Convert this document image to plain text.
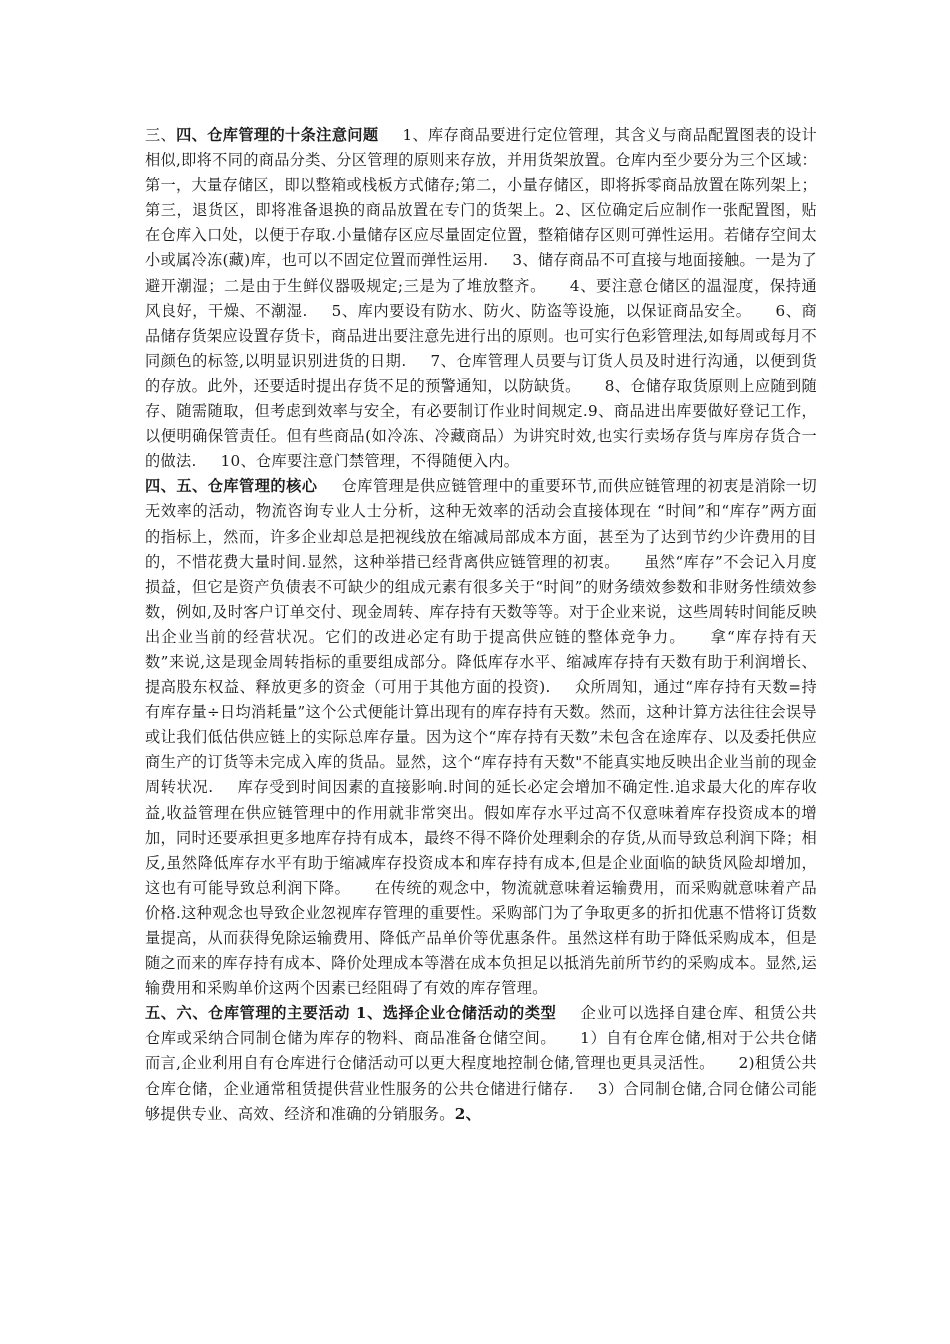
三、四、仓库管理的十条注意问题 1、库存商品要进行定位管理，其含义与商品配置图表的设计相似,即将不同的商品分类、分区管理的原则来存放，并用货架放置。仓库内至少要分为三个区域：第一，大量存储区，即以整箱或栈板方式储存;第二，小量存储区，即将拆零商品放置在陈列架上；第三，退货区，即将准备退换的商品放置在专门的货架上。2、区位确定后应制作一张配置图，贴在仓库入口处，以便于存取.小量储存区应尽量固定位置，整箱储存区则可弹性运用。若储存空间太小或属冷冻(藏)库，也可以不固定位置而弹性运用. 3、储存商品不可直接与地面接触。一是为了避开潮湿；二是由于生鲜仪器吸规定;三是为了堆放整齐。 4、要注意仓储区的温湿度，保持通风良好，干燥、不潮湿. 5、库内要设有防水、防火、防盗等设施，以保证商品安全。 6、商品储存货架应设置存货卡，商品进出要注意先进行出的原则。也可实行色彩管理法,如每周或每月不同颜色的标签,以明显识别进货的日期. 7、仓库管理人员要与订货人员及时进行沟通，以便到货的存放。此外，还要适时提出存货不足的预警通知，以防缺货。 8、仓储存取货原则上应随到随存、随需随取，但考虑到效率与安全，有必要制订作业时间规定.9、商品进出库要做好登记工作，以便明确保管责任。但有些商品(如冷冻、冷藏商品）为讲究时效,也实行卖场存货与库房存货合一的做法. 10、仓库要注意门禁管理，不得随便入内。

四、五、仓库管理的核心 仓库管理是供应链管理中的重要环节,而供应链管理的初衷是消除一切无效率的活动，物流咨询专业人士分析，这种无效率的活动会直接体现在 “时间”和“库存”两方面的指标上，然而，许多企业却总是把视线放在缩减局部成本方面，甚至为了达到节约少许费用的目的，不惜花费大量时间.显然，这种举措已经背离供应链管理的初衷。 虽然“库存”不会记入月度损益，但它是资产负债表不可缺少的组成元素有很多关于“时间”的财务绩效参数和非财务性绩效参数，例如,及时客户订单交付、现金周转、库存持有天数等等。对于企业来说，这些周转时间能反映出企业当前的经营状况。它们的改进必定有助于提高供应链的整体竞争力。 拿“库存持有天数”来说,这是现金周转指标的重要组成部分。降低库存水平、缩减库存持有天数有助于利润增长、提高股东权益、释放更多的资金（可用于其他方面的投资). 众所周知，通过“库存持有天数=持有库存量÷日均消耗量”这个公式便能计算出现有的库存持有天数。然而，这种计算方法往往会误导或让我们低估供应链上的实际总库存量。因为这个“库存持有天数”未包含在途库存、以及委托供应商生产的订货等未完成入库的货品。显然，这个“库存持有天数"不能真实地反映出企业当前的现金周转状况. 库存受到时间因素的直接影响.时间的延长必定会增加不确定性.追求最大化的库存收益,收益管理在供应链管理中的作用就非常突出。假如库存水平过高不仅意味着库存投资成本的增加，同时还要承担更多地库存持有成本，最终不得不降价处理剩余的存货,从而导致总利润下降；相反,虽然降低库存水平有助于缩减库存投资成本和库存持有成本,但是企业面临的缺货风险却增加，这也有可能导致总利润下降。 在传统的观念中，物流就意味着运输费用，而采购就意味着产品价格.这种观念也导致企业忽视库存管理的重要性。采购部门为了争取更多的折扣优惠不惜将订货数量提高，从而获得免除运输费用、降低产品单价等优惠条件。虽然这样有助于降低采购成本，但是随之而来的库存持有成本、降价处理成本等潜在成本负担足以抵消先前所节约的采购成本。显然,运输费用和采购单价这两个因素已经阻碍了有效的库存管理。

五、六、仓库管理的主要活动 1、选择企业仓储活动的类型 企业可以选择自建仓库、租赁公共仓库或采纳合同制仓储为库存的物料、商品准备仓储空间。 1）自有仓库仓储,相对于公共仓储而言,企业利用自有仓库进行仓储活动可以更大程度地控制仓储,管理也更具灵活性。 2)租赁公共仓库仓储，企业通常租赁提供营业性服务的公共仓储进行储存. 3）合同制仓储,合同仓储公司能够提供专业、高效、经济和准确的分销服务。2、
